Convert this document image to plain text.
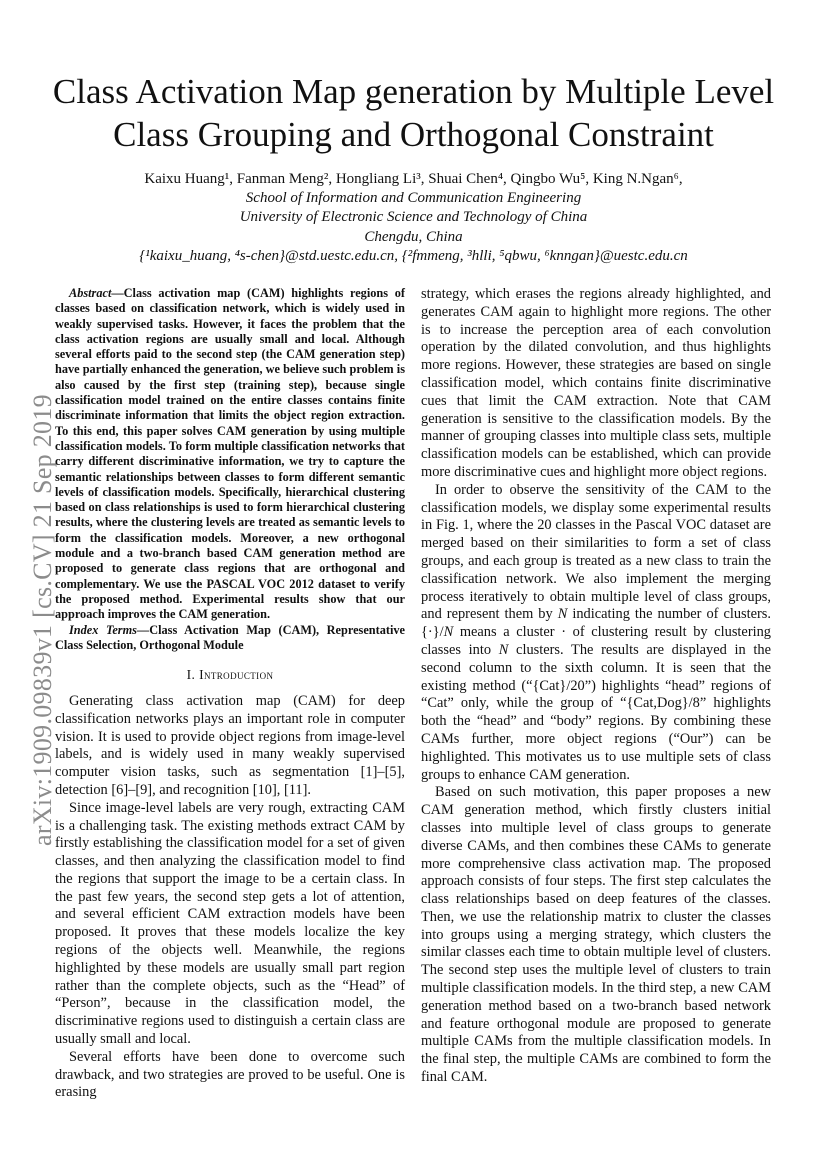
arXiv:1909.09839v1 [cs.CV] 21 Sep 2019
Class Activation Map generation by Multiple Level
Class Grouping and Orthogonal Constraint
Kaixu Huang¹, Fanman Meng², Hongliang Li³, Shuai Chen⁴, Qingbo Wu⁵, King N.Ngan⁶,
School of Information and Communication Engineering
University of Electronic Science and Technology of China
Chengdu, China
{¹kaixu_huang, ⁴s-chen}@std.uestc.edu.cn, {²fmmeng, ³hlli, ⁵qbwu, ⁶knngan}@uestc.edu.cn

Abstract—Class activation map (CAM) highlights regions of classes based on classification network, which is widely used in weakly supervised tasks. However, it faces the problem that the class activation regions are usually small and local. Although several efforts paid to the second step (the CAM generation step) have partially enhanced the generation, we believe such problem is also caused by the first step (training step), because single classification model trained on the entire classes contains finite discriminate information that limits the object region extraction. To this end, this paper solves CAM generation by using multiple classification models. To form multiple classification networks that carry different discriminative information, we try to capture the semantic relationships between classes to form different semantic levels of classification models. Specifically, hierarchical clustering based on class relationships is used to form hierarchical clustering results, where the clustering levels are treated as semantic levels to form the classification models. Moreover, a new orthogonal module and a two-branch based CAM generation method are proposed to generate class regions that are orthogonal and complementary. We use the PASCAL VOC 2012 dataset to verify the proposed method. Experimental results show that our approach improves the CAM generation.

Index Terms—Class Activation Map (CAM), Representative Class Selection, Orthogonal Module

I. Introduction

Generating class activation map (CAM) for deep classification networks plays an important role in computer vision. It is used to provide object regions from image-level labels, and is widely used in many weakly supervised computer vision tasks, such as segmentation [1]–[5], detection [6]–[9], and recognition [10], [11].

Since image-level labels are very rough, extracting CAM is a challenging task. The existing methods extract CAM by firstly establishing the classification model for a set of given classes, and then analyzing the classification model to find the regions that support the image to be a certain class. In the past few years, the second step gets a lot of attention, and several efficient CAM extraction models have been proposed. It proves that these models localize the key regions of the objects well. Meanwhile, the regions highlighted by these models are usually small part region rather than the complete objects, such as the “Head” of “Person”, because in the classification model, the discriminative regions used to distinguish a certain class are usually small and local.

Several efforts have been done to overcome such drawback, and two strategies are proved to be useful. One is erasing

strategy, which erases the regions already highlighted, and generates CAM again to highlight more regions. The other is to increase the perception area of each convolution operation by the dilated convolution, and thus highlights more regions. However, these strategies are based on single classification model, which contains finite discriminative cues that limit the CAM extraction. Note that CAM generation is sensitive to the classification models. By the manner of grouping classes into multiple class sets, multiple classification models can be established, which can provide more discriminative cues and highlight more object regions.

In order to observe the sensitivity of the CAM to the classification models, we display some experimental results in Fig. 1, where the 20 classes in the Pascal VOC dataset are merged based on their similarities to form a set of class groups, and each group is treated as a new class to train the classification network. We also implement the merging process iteratively to obtain multiple level of class groups, and represent them by N indicating the number of clusters. {·}/N means a cluster · of clustering result by clustering classes into N clusters. The results are displayed in the second column to the sixth column. It is seen that the existing method (“{Cat}/20”) highlights “head” regions of “Cat” only, while the group of “{Cat,Dog}/8” highlights both the “head” and “body” regions. By combining these CAMs further, more object regions (“Our”) can be highlighted. This motivates us to use multiple sets of class groups to enhance CAM generation.

Based on such motivation, this paper proposes a new CAM generation method, which firstly clusters initial classes into multiple level of class groups to generate diverse CAMs, and then combines these CAMs to generate more comprehensive class activation map. The proposed approach consists of four steps. The first step calculates the class relationships based on deep features of the classes. Then, we use the relationship matrix to cluster the classes into groups using a merging strategy, which clusters the similar classes each time to obtain multiple level of clusters. The second step uses the multiple level of clusters to train multiple classification models. In the third step, a new CAM generation method based on a two-branch based network and feature orthogonal module are proposed to generate multiple CAMs from the multiple classification models. In the final step, the multiple CAMs are combined to form the final CAM.
